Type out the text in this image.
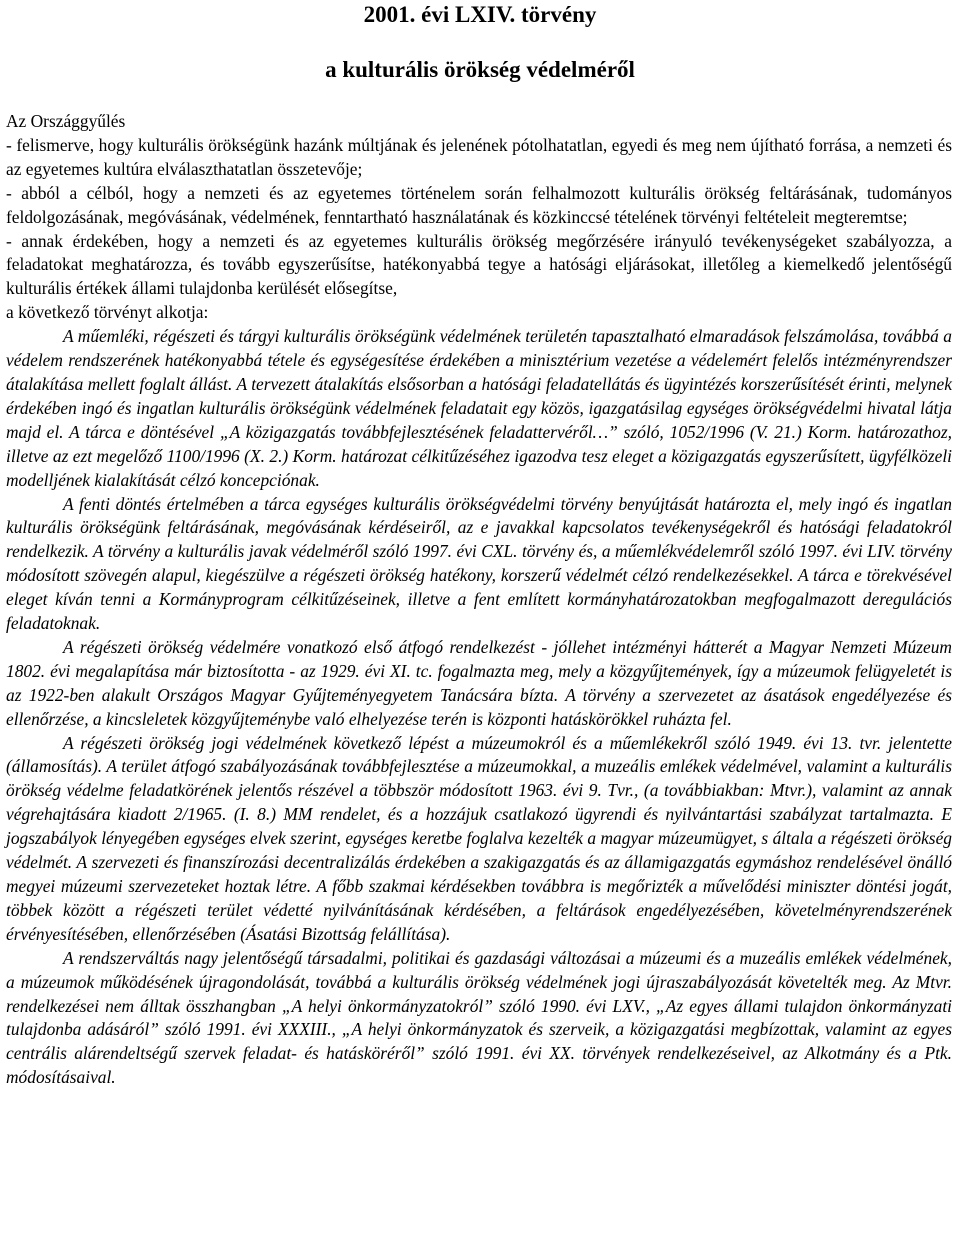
2001. évi LXIV. törvény
a kulturális örökség védelméről

Az Országgyűlés

- felismerve, hogy kulturális örökségünk hazánk múltjának és jelenének pótolhatatlan, egyedi és meg nem újítható forrása, a nemzeti és az egyetemes kultúra elválaszthatatlan összetevője;

- abból a célból, hogy a nemzeti és az egyetemes történelem során felhalmozott kulturális örökség feltárásának, tudományos feldolgozásának, megóvásának, védelmének, fenntartható használatának és közkinccsé tételének törvényi feltételeit megteremtse;

- annak érdekében, hogy a nemzeti és az egyetemes kulturális örökség megőrzésére irányuló tevékenységeket szabályozza, a feladatokat meghatározza, és tovább egyszerűsítse, hatékonyabbá tegye a hatósági eljárásokat, illetőleg a kiemelkedő jelentőségű kulturális értékek állami tulajdonba kerülését elősegítse,

a következő törvényt alkotja:

A műemléki, régészeti és tárgyi kulturális örökségünk védelmének területén tapasztalható elmaradások felszámolása, továbbá a védelem rendszerének hatékonyabbá tétele és egységesítése érdekében a minisztérium vezetése a védelemért felelős intézményrendszer átalakítása mellett foglalt állást. A tervezett átalakítás elsősorban a hatósági feladatellátás és ügyintézés korszerűsítését érinti, melynek érdekében ingó és ingatlan kulturális örökségünk védelmének feladatait egy közös, igazgatásilag egységes örökségvédelmi hivatal látja majd el. A tárca e döntésével „A közigazgatás továbbfejlesztésének feladattervéről…” szóló, 1052/1996 (V. 21.) Korm. határozathoz, illetve az ezt megelőző 1100/1996 (X. 2.) Korm. határozat célkitűzéséhez igazodva tesz eleget a közigazgatás egyszerűsített, ügyfélközeli modelljének kialakítását célzó koncepciónak.

A fenti döntés értelmében a tárca egységes kulturális örökségvédelmi törvény benyújtását határozta el, mely ingó és ingatlan kulturális örökségünk feltárásának, megóvásának kérdéseiről, az e javakkal kapcsolatos tevékenységekről és hatósági feladatokról rendelkezik. A törvény a kulturális javak védelméről szóló 1997. évi CXL. törvény és, a műemlékvédelemről szóló 1997. évi LIV. törvény módosított szövegén alapul, kiegészülve a régészeti örökség hatékony, korszerű védelmét célzó rendelkezésekkel. A tárca e törekvésével eleget kíván tenni a Kormányprogram célkitűzéseinek, illetve a fent említett kormányhatározatokban megfogalmazott deregulációs feladatoknak.

A régészeti örökség védelmére vonatkozó első átfogó rendelkezést - jóllehet intézményi hátterét a Magyar Nemzeti Múzeum 1802. évi megalapítása már biztosította - az 1929. évi XI. tc. fogalmazta meg, mely a közgyűjtemények, így a múzeumok felügyeletét is az 1922-ben alakult Országos Magyar Gyűjteményegyetem Tanácsára bízta. A törvény a szervezetet az ásatások engedélyezése és ellenőrzése, a kincsleletek közgyűjteménybe való elhelyezése terén is központi hatáskörökkel ruházta fel.

A régészeti örökség jogi védelmének következő lépést a múzeumokról és a műemlékekről szóló 1949. évi 13. tvr. jelentette (államosítás). A terület átfogó szabályozásának továbbfejlesztése a múzeumokkal, a muzeális emlékek védelmével, valamint a kulturális örökség védelme feladatkörének jelentős részével a többször módosított 1963. évi 9. Tvr., (a továbbiakban: Mtvr.), valamint az annak végrehajtására kiadott 2/1965. (I. 8.) MM rendelet, és a hozzájuk csatlakozó ügyrendi és nyilvántartási szabályzat tartalmazta. E jogszabályok lényegében egységes elvek szerint, egységes keretbe foglalva kezelték a magyar múzeumügyet, s általa a régészeti örökség védelmét. A szervezeti és finanszírozási decentralizálás érdekében a szakigazgatás és az államigazgatás egymáshoz rendelésével önálló megyei múzeumi szervezeteket hoztak létre. A főbb szakmai kérdésekben továbbra is megőrizték a művelődési miniszter döntési jogát, többek között a régészeti terület védetté nyilvánításának kérdésében, a feltárások engedélyezésében, követelményrendszerének érvényesítésében, ellenőrzésében (Ásatási Bizottság felállítása).

A rendszerváltás nagy jelentőségű társadalmi, politikai és gazdasági változásai a múzeumi és a muzeális emlékek védelmének, a múzeumok működésének újragondolását, továbbá a kulturális örökség védelmének jogi újraszabályozását követelték meg. Az Mtvr. rendelkezései nem álltak összhangban „A helyi önkormányzatokról” szóló 1990. évi LXV., „Az egyes állami tulajdon önkormányzati tulajdonba adásáról” szóló 1991. évi XXXIII., „A helyi önkormányzatok és szerveik, a közigazgatási megbízottak, valamint az egyes centrális alárendeltségű szervek feladat- és hatásköréről” szóló 1991. évi XX. törvények rendelkezéseivel, az Alkotmány és a Ptk. módosításaival.
